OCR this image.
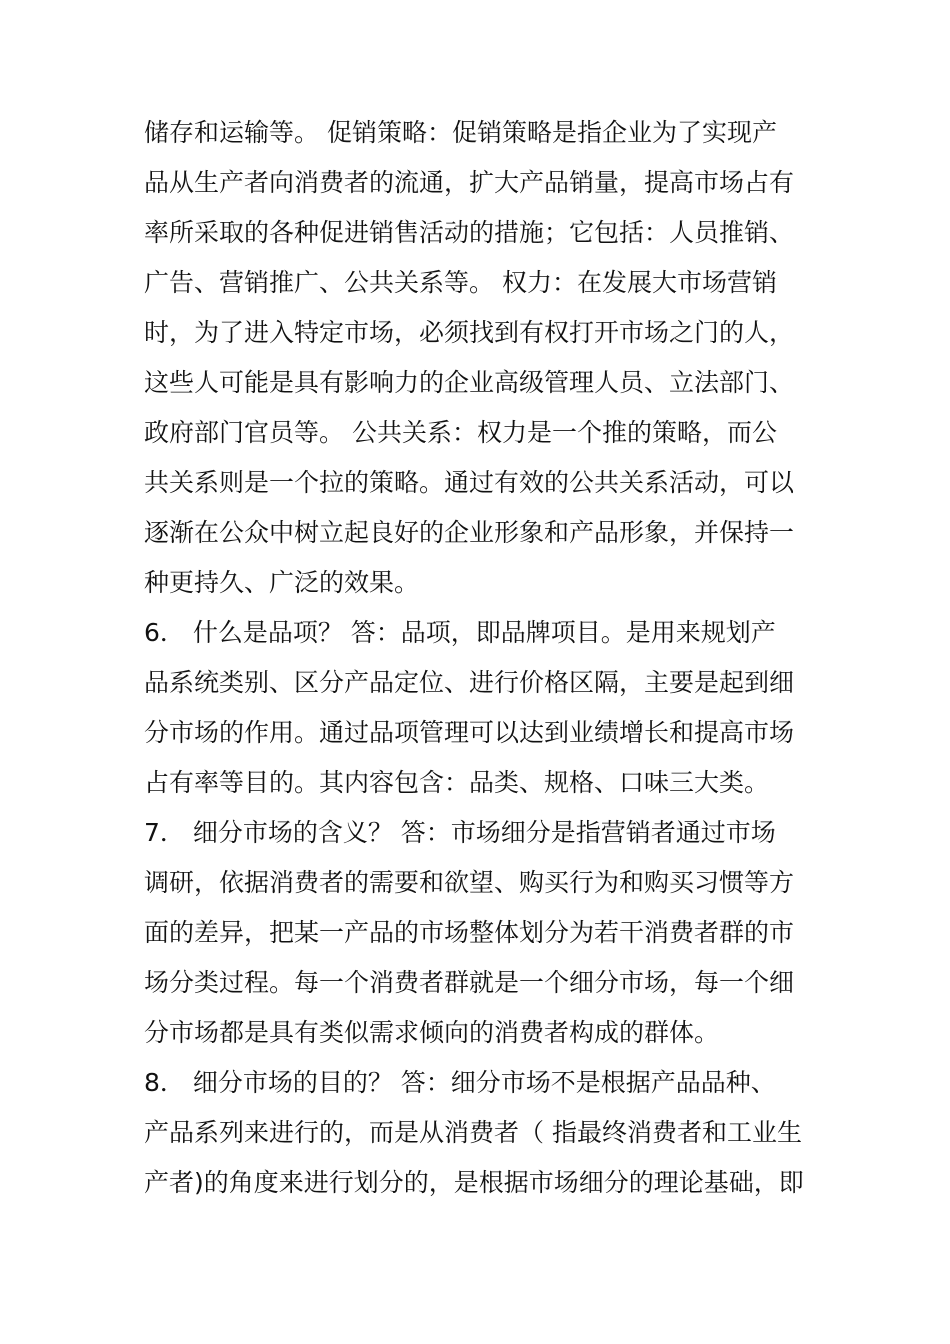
储存和运输等。 促销策略：促销策略是指企业为了实现产
品从生产者向消费者的流通，扩大产品销量，提高市场占有
率所采取的各种促进销售活动的措施；它包括：人员推销、
广告、营销推广、公共关系等。 权力：在发展大市场营销
时，为了进入特定市场，必须找到有权打开市场之门的人，
这些人可能是具有影响力的企业高级管理人员、立法部门、
政府部门官员等。 公共关系：权力是一个推的策略，而公
共关系则是一个拉的策略。通过有效的公共关系活动，可以
逐渐在公众中树立起良好的企业形象和产品形象，并保持一
种更持久、广泛的效果。
6． 什么是品项？ 答：品项，即品牌项目。是用来规划产
品系统类别、区分产品定位、进行价格区隔，主要是起到细
分市场的作用。通过品项管理可以达到业绩增长和提高市场
占有率等目的。其内容包含：品类、规格、口味三大类。
7． 细分市场的含义？ 答：市场细分是指营销者通过市场
调研，依据消费者的需要和欲望、购买行为和购买习惯等方
面的差异，把某一产品的市场整体划分为若干消费者群的市
场分类过程。每一个消费者群就是一个细分市场，每一个细
分市场都是具有类似需求倾向的消费者构成的群体。
8． 细分市场的目的？ 答：细分市场不是根据产品品种、
产品系列来进行的，而是从消费者（ 指最终消费者和工业生
产者)的角度来进行划分的，是根据市场细分的理论基础，即
